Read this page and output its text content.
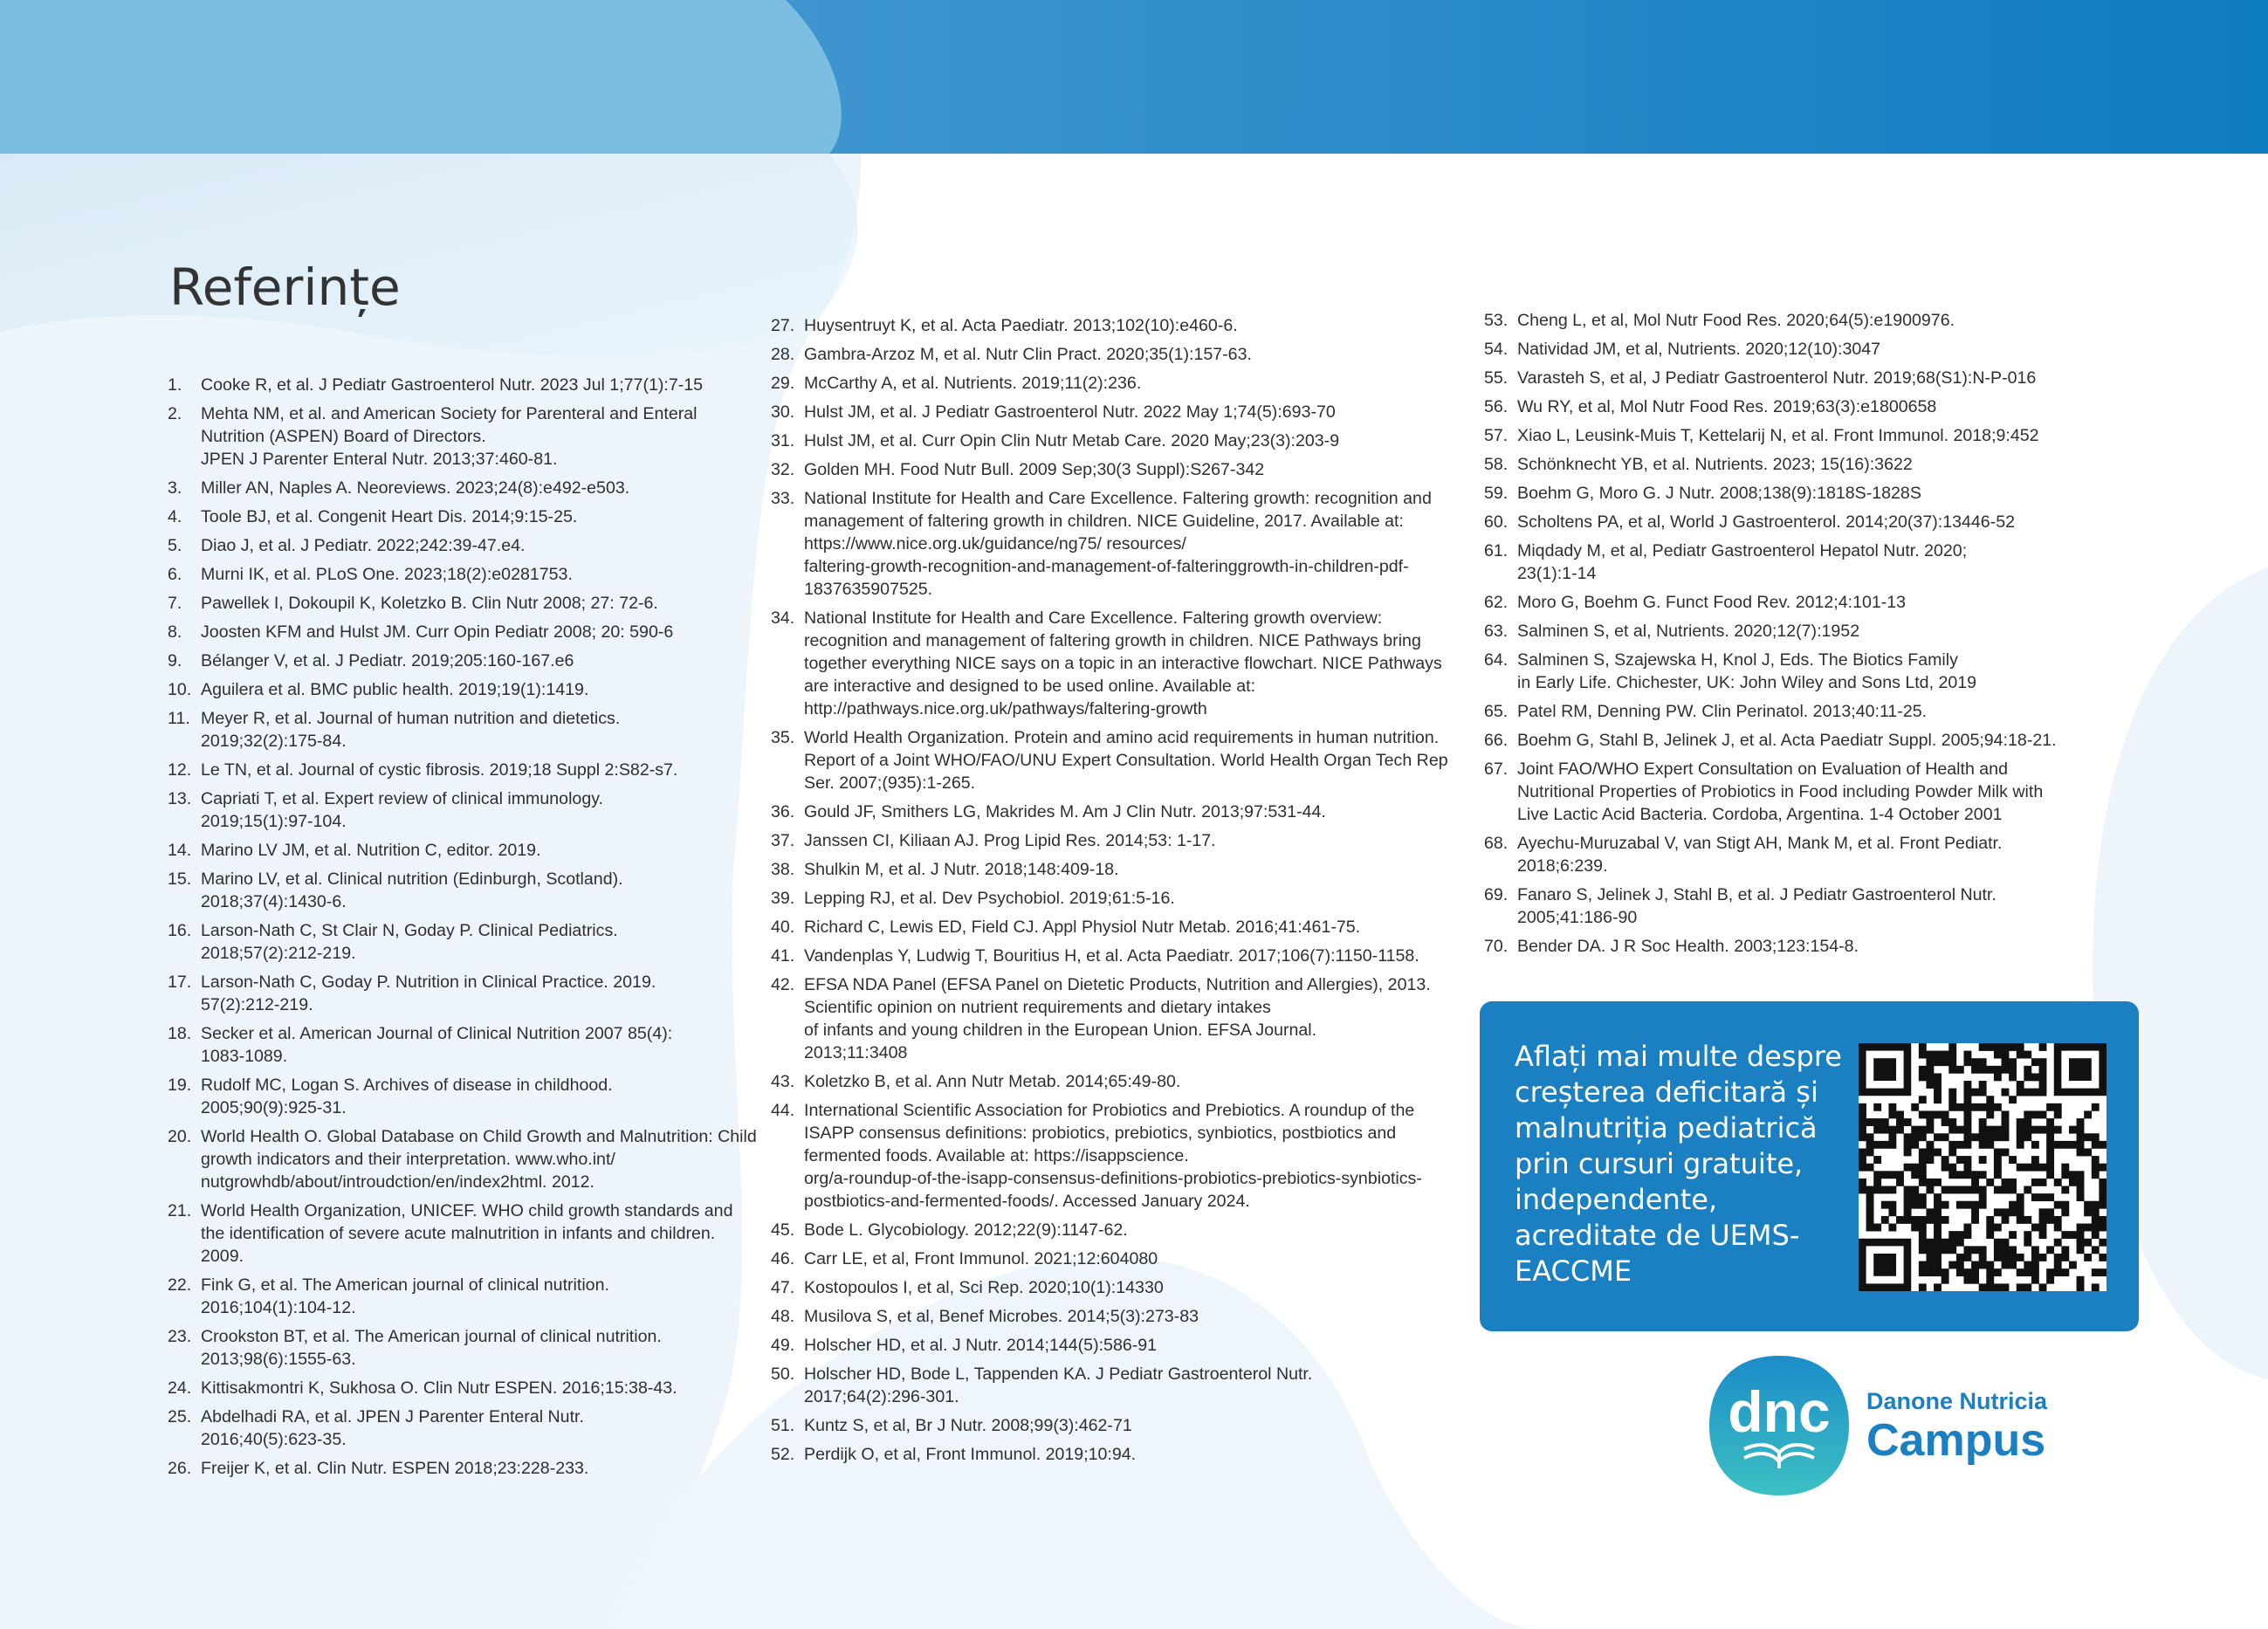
Referințe
1.	Cooke R, et al. J Pediatr Gastroenterol Nutr. 2023 Jul 1;77(1):7-15
2.	Mehta NM, et al. and American Society for Parenteral and Enteral Nutrition (ASPEN) Board of Directors.
JPEN J Parenter Enteral Nutr. 2013;37:460-81.
3.	Miller AN, Naples A. Neoreviews. 2023;24(8):e492-e503.
4.	Toole BJ, et al. Congenit Heart Dis. 2014;9:15-25.
5.	Diao J, et al. J Pediatr. 2022;242:39-47.e4.
6.	Murni IK, et al. PLoS One. 2023;18(2):e0281753.
7.	Pawellek I, Dokoupil K, Koletzko B. Clin Nutr 2008; 27: 72-6.
8.	Joosten KFM and Hulst JM. Curr Opin Pediatr 2008; 20: 590-6
9.	Bélanger V, et al. J Pediatr. 2019;205:160-167.e6
10. Aguilera et al. BMC public health. 2019;19(1):1419.
11. Meyer R, et al. Journal of human nutrition and dietetics.
2019;32(2):175-84.
12. Le TN, et al. Journal of cystic fibrosis. 2019;18 Suppl 2:S82-s7.
13. Capriati T, et al. Expert review of clinical immunology.
2019;15(1):97-104.
14. Marino LV JM, et al. Nutrition C, editor. 2019.
15. Marino LV, et al. Clinical nutrition (Edinburgh, Scotland).
2018;37(4):1430-6.
16. Larson-Nath C, St Clair N, Goday P. Clinical Pediatrics.
2018;57(2):212-219.
17. Larson-Nath C, Goday P. Nutrition in Clinical Practice. 2019.
57(2):212-219.
18. Secker et al. American Journal of Clinical Nutrition 2007 85(4):
1083-1089.
19. Rudolf MC, Logan S. Archives of disease in childhood.
2005;90(9):925-31.
20. World Health O. Global Database on Child Growth and Malnutrition: Child growth indicators and their interpretation. www.who.int/
nutgrowhdb/about/introudction/en/index2html. 2012.
21. World Health Organization, UNICEF. WHO child growth standards and the identification of severe acute malnutrition in infants and children. 2009.
22. Fink G, et al. The American journal of clinical nutrition.
2016;104(1):104-12.
23. Crookston BT, et al. The American journal of clinical nutrition.
2013;98(6):1555-63.
24. Kittisakmontri K, Sukhosa O. Clin Nutr ESPEN. 2016;15:38-43.
25. Abdelhadi RA, et al. JPEN J Parenter Enteral Nutr.
2016;40(5):623-35.
26. Freijer K, et al. Clin Nutr. ESPEN 2018;23:228-233.
27. Huysentruyt K, et al. Acta Paediatr. 2013;102(10):e460-6.
28. Gambra-Arzoz M, et al. Nutr Clin Pract. 2020;35(1):157-63.
29. McCarthy A, et al. Nutrients. 2019;11(2):236.
30. Hulst JM, et al. J Pediatr Gastroenterol Nutr. 2022 May 1;74(5):693-70
31. Hulst JM, et al. Curr Opin Clin Nutr Metab Care. 2020 May;23(3):203-9
32. Golden MH. Food Nutr Bull. 2009 Sep;30(3 Suppl):S267-342
33. National Institute for Health and Care Excellence. Faltering growth: recognition and management of faltering growth in children. NICE Guideline, 2017. Available at: https://www.nice.org.uk/guidance/ng75/ resources/
faltering-growth-recognition-and-management-of-falteringgrowth-in-children-pdf-1837635907525.
34. National Institute for Health and Care Excellence. Faltering growth overview: recognition and management of faltering growth in children. NICE Pathways bring together everything NICE says on a topic in an interactive flowchart. NICE Pathways are interactive and designed to be used online. Available at:
http://pathways.nice.org.uk/pathways/faltering-growth
35. World Health Organization. Protein and amino acid requirements in human nutrition. Report of a Joint WHO/FAO/UNU Expert Consultation. World Health Organ Tech Rep Ser. 2007;(935):1-265.
36. Gould JF, Smithers LG, Makrides M. Am J Clin Nutr. 2013;97:531-44.
37. Janssen CI, Kiliaan AJ. Prog Lipid Res. 2014;53: 1-17.
38. Shulkin M, et al. J Nutr. 2018;148:409-18.
39. Lepping RJ, et al. Dev Psychobiol. 2019;61:5-16.
40. Richard C, Lewis ED, Field CJ. Appl Physiol Nutr Metab. 2016;41:461-75.
41. Vandenplas Y, Ludwig T, Bouritius H, et al. Acta Paediatr. 2017;106(7):1150-1158.
42. EFSA NDA Panel (EFSA Panel on Dietetic Products, Nutrition and Allergies), 2013. Scientific opinion on nutrient requirements and dietary intakes
of infants and young children in the European Union. EFSA Journal.
2013;11:3408
43. Koletzko B, et al. Ann Nutr Metab. 2014;65:49-80.
44. International Scientific Association for Probiotics and Prebiotics. A roundup of the ISAPP consensus definitions: probiotics, prebiotics, synbiotics, postbiotics and fermented foods. Available at: https://isappscience.
org/a-roundup-of-the-isapp-consensus-definitions-probiotics-prebiotics-synbiotics-postbiotics-and-fermented-foods/. Accessed January 2024.
45. Bode L. Glycobiology. 2012;22(9):1147-62.
46. Carr LE, et al, Front Immunol. 2021;12:604080
47. Kostopoulos I, et al, Sci Rep. 2020;10(1):14330
48. Musilova S, et al, Benef Microbes. 2014;5(3):273-83
49. Holscher HD, et al. J Nutr. 2014;144(5):586-91
50. Holscher HD, Bode L, Tappenden KA. J Pediatr Gastroenterol Nutr.
2017;64(2):296-301.
51. Kuntz S, et al, Br J Nutr. 2008;99(3):462-71
52. Perdijk O, et al, Front Immunol. 2019;10:94.
53. Cheng L, et al, Mol Nutr Food Res. 2020;64(5):e1900976.
54. Natividad JM, et al, Nutrients. 2020;12(10):3047
55. Varasteh S, et al, J Pediatr Gastroenterol Nutr. 2019;68(S1):N-P-016
56. Wu RY, et al, Mol Nutr Food Res. 2019;63(3):e1800658
57. Xiao L, Leusink-Muis T, Kettelarij N, et al. Front Immunol. 2018;9:452
58. Schönknecht YB, et al. Nutrients. 2023; 15(16):3622
59. Boehm G, Moro G. J Nutr. 2008;138(9):1818S-1828S
60. Scholtens PA, et al, World J Gastroenterol. 2014;20(37):13446-52
61. Miqdady M, et al, Pediatr Gastroenterol Hepatol Nutr. 2020;
23(1):1-14
62. Moro G, Boehm G. Funct Food Rev. 2012;4:101-13
63. Salminen S, et al, Nutrients. 2020;12(7):1952
64. Salminen S, Szajewska H, Knol J, Eds. The Biotics Family
in Early Life. Chichester, UK: John Wiley and Sons Ltd, 2019
65. Patel RM, Denning PW. Clin Perinatol. 2013;40:11-25.
66. Boehm G, Stahl B, Jelinek J, et al. Acta Paediatr Suppl. 2005;94:18-21.
67. Joint FAO/WHO Expert Consultation on Evaluation of Health and
Nutritional Properties of Probiotics in Food including Powder Milk with
Live Lactic Acid Bacteria. Cordoba, Argentina. 1-4 October 2001
68. Ayechu-Muruzabal V, van Stigt AH, Mank M, et al. Front Pediatr.
2018;6:239.
69. Fanaro S, Jelinek J, Stahl B, et al. J Pediatr Gastroenterol Nutr.
2005;41:186-90
70. Bender DA. J R Soc Health. 2003;123:154-8.
Aflați mai multe despre
creșterea deficitară și
malnutriția pediatrică
prin cursuri gratuite,
independente,
acreditate de UEMS-
EACCME
dnc Danone Nutricia
Campus
